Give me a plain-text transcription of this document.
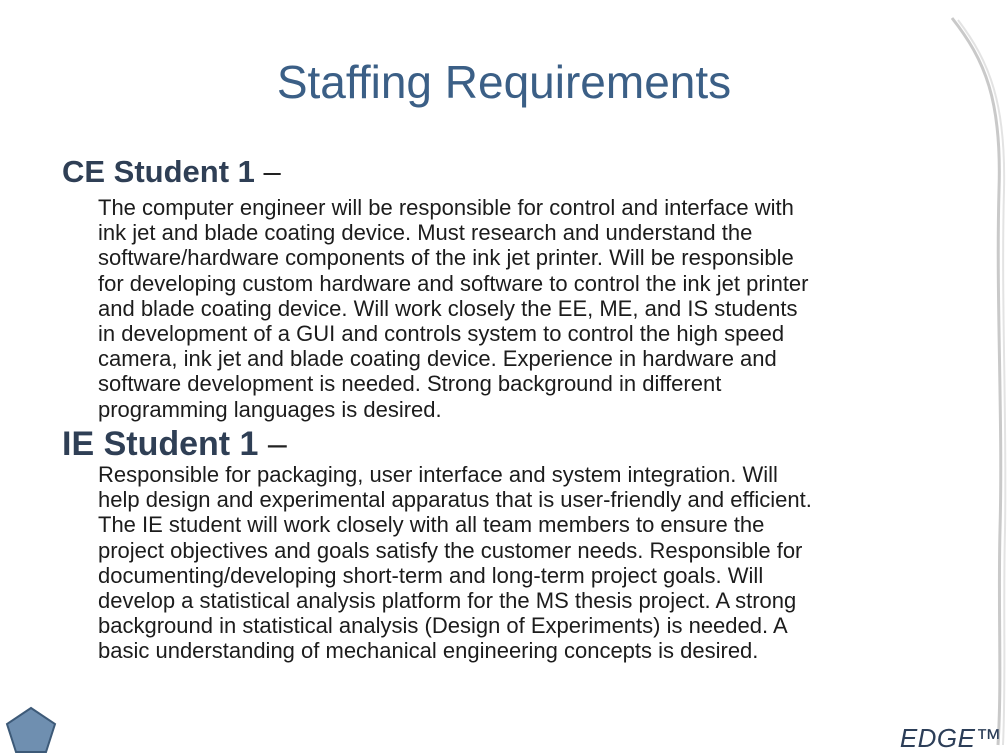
Staffing Requirements
CE Student 1 –

The computer engineer will be responsible for control and interface with
ink jet and blade coating device. Must research and understand the
software/hardware components of the ink jet printer. Will be responsible
for developing custom hardware and software to control the ink jet printer
and blade coating device. Will work closely the EE, ME, and IS students
in development of a GUI and controls system to control the high speed
camera, ink jet and blade coating device. Experience in hardware and
software development is needed. Strong background in different
programming languages is desired.

IE Student 1 –

Responsible for packaging, user interface and system integration. Will
help design and experimental apparatus that is user-friendly and efficient.
The IE student will work closely with all team members to ensure the
project objectives and goals satisfy the customer needs. Responsible for
documenting/developing short-term and long-term project goals. Will
develop a statistical analysis platform for the MS thesis project. A strong
background in statistical analysis (Design of Experiments) is needed. A
basic understanding of mechanical engineering concepts is desired.

EDGE™
